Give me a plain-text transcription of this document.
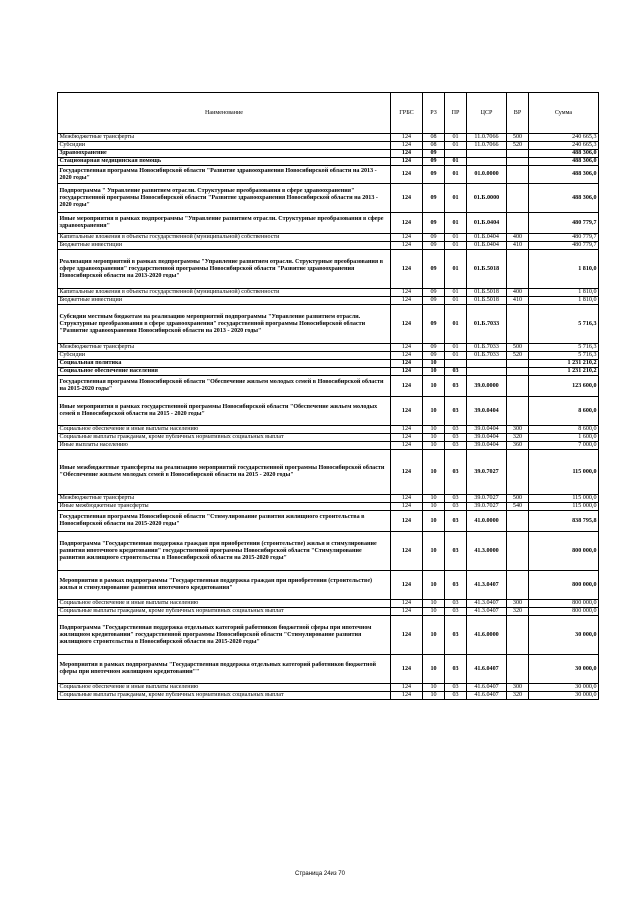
Наименование	ГРБС	РЗ	ПР	ЦСР	ВР	Сумма
Межбюджетные трансферты	124	08	01	11.0.7066	500	240 665,3
Субсидии	124	08	01	11.0.7066	520	240 665,3
Здравоохранение	124	09				488 306,0
Стационарная медицинская помощь	124	09	01			488 306,0
Государственная программа Новосибирской области "Развитие здравоохранения Новосибирской области на 2013 - 2020 годы"	124	09	01	01.0.0000		488 306,0
Подпрограмма " Управление развитием отрасли. Структурные преобразования в сфере здравоохранения" государственной программы Новосибирской области "Развитие здравоохранения Новосибирской области на 2013 - 2020 годы"	124	09	01	01.Б.0000		488 306,0
Иные мероприятия в рамках подпрограммы "Управление развитием отрасли. Структурные преобразования в сфере здравоохранения"	124	09	01	01.Б.0404		480 779,7
Капитальные вложения в объекты государственной (муниципальной) собственности	124	09	01	01.Б.0404	400	480 779,7
Бюджетные инвестиции	124	09	01	01.Б.0404	410	480 779,7
Реализация мероприятий в рамках подпрограммы "Управление развитием отрасли. Структурные преобразования в сфере здравоохранения" государственной программы Новосибирской области "Развитие здравоохранения Новосибирской области на 2013-2020 годы"	124	09	01	01.Б.5018		1 810,0
Капитальные вложения в объекты государственной (муниципальной) собственности	124	09	01	01.Б.5018	400	1 810,0
Бюджетные инвестиции	124	09	01	01.Б.5018	410	1 810,0
Субсидии местным бюджетам на реализацию мероприятий подпрограммы "Управление развитием отрасли. Структурные преобразования в сфере здравоохранения" государственной программы Новосибирской области "Развитие здравоохранения Новосибирской области на 2013 - 2020 годы"	124	09	01	01.Б.7033		5 716,3
Межбюджетные трансферты	124	09	01	01.Б.7033	500	5 716,3
Субсидии	124	09	01	01.Б.7033	520	5 716,3
Социальная политика	124	10				1 231 210,2
Социальное обеспечение населения	124	10	03			1 231 210,2
Государственная программа Новосибирской области "Обеспечение жильем молодых семей в Новосибирской области на 2015-2020 годы"	124	10	03	39.0.0000		123 600,0
Иные мероприятия в рамках государственной программы Новосибирской области "Обеспечение жильем молодых семей в Новосибирской области на 2015 - 2020 годы"	124	10	03	39.0.0404		8 600,0
Социальное обеспечение и иные выплаты населению	124	10	03	39.0.0404	300	8 600,0
Социальные выплаты гражданам, кроме публичных нормативных социальных выплат	124	10	03	39.0.0404	320	1 600,0
Иные выплаты населению	124	10	03	39.0.0404	360	7 000,0
Иные межбюджетные трансферты на реализацию мероприятий государственной программы Новосибирской области "Обеспечение жильем молодых семей в Новосибирской области на 2015 - 2020 годы"	124	10	03	39.0.7027		115 000,0
Межбюджетные трансферты	124	10	03	39.0.7027	500	115 000,0
Иные межбюджетные трансферты	124	10	03	39.0.7027	540	115 000,0
Государственная программа Новосибирской области "Стимулирование развития жилищного строительства в Новосибирской области на 2015-2020 годы"	124	10	03	41.0.0000		838 795,8
Подпрограмма "Государственная поддержка граждан при приобретении (строительстве) жилья и стимулирование развития ипотечного кредитования" государственной программы Новосибирской области "Стимулирование развития жилищного строительства в Новосибирской области на 2015-2020 годы"	124	10	03	41.3.0000		800 000,0
Мероприятия в рамках подпрограммы "Государственная поддержка граждан при приобретении (строительстве) жилья и стимулирование развития ипотечного кредитования"	124	10	03	41.3.0407		800 000,0
Социальное обеспечение и иные выплаты населению	124	10	03	41.3.0407	300	800 000,0
Социальные выплаты гражданам, кроме публичных нормативных социальных выплат	124	10	03	41.3.0407	320	800 000,0
Подпрограмма "Государственная поддержка отдельных категорий работников бюджетной сферы при ипотечном жилищном кредитовании" государственной программы Новосибирской области "Стимулирование развития жилищного строительства в Новосибирской области на 2015-2020 годы"	124	10	03	41.6.0000		30 000,0
Мероприятия в рамках подпрограммы "Государственная поддержка отдельных категорий работников бюджетной сферы при ипотечном жилищном кредитовании""	124	10	03	41.6.0407		30 000,0
Социальное обеспечение и иные выплаты населению	124	10	03	41.6.0407	300	30 000,0
Социальные выплаты гражданам, кроме публичных нормативных социальных выплат	124	10	03	41.6.0407	320	30 000,0
Страница 24из 70
